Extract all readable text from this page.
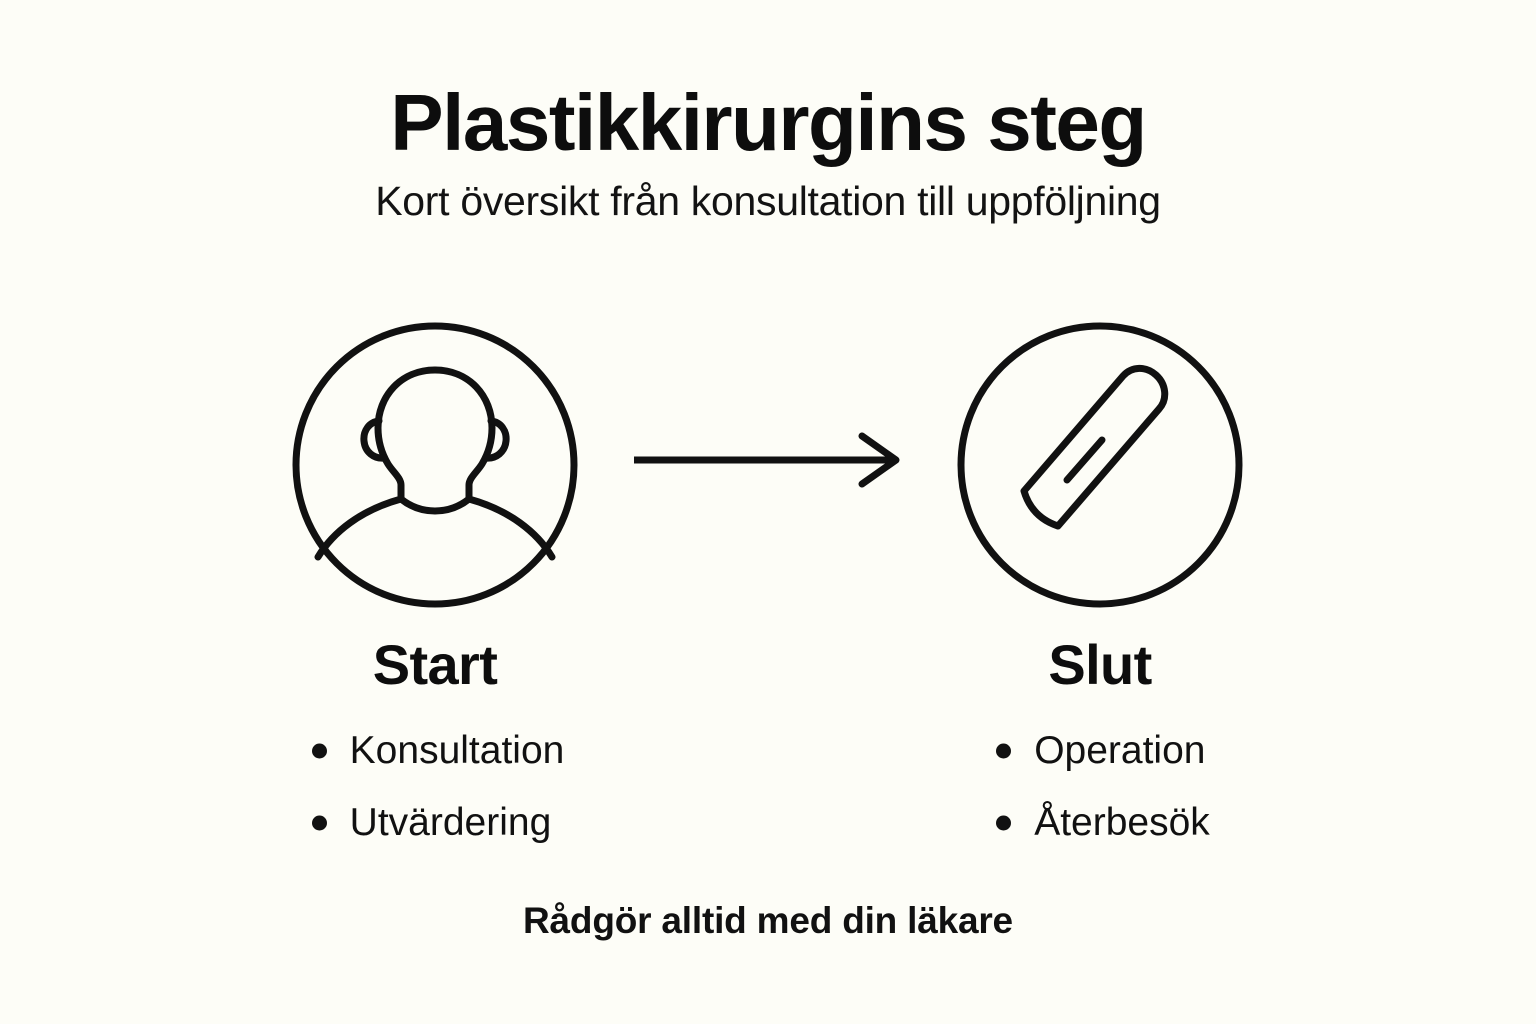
Plastikkirurgins steg

Kort översikt från konsultation till uppföljning

Start
Konsultation
Utvärdering
Slut
Operation
Återbesök
Rådgör alltid med din läkare
